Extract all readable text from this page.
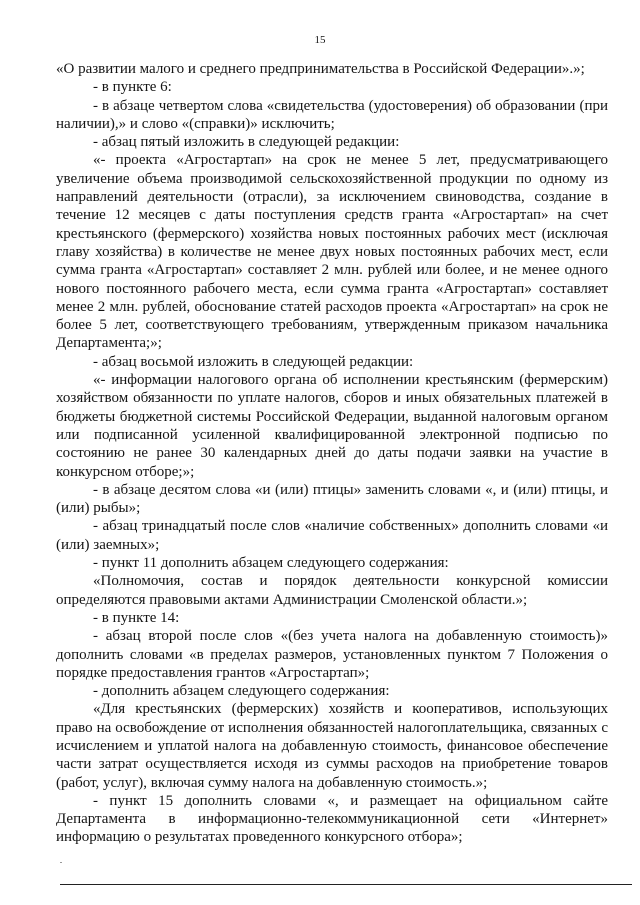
15

«О развитии малого и среднего предпринимательства в Российской Федерации».»;

- в пункте 6:

- в абзаце четвертом слова «свидетельства (удостоверения) об образовании (при наличии),» и слово «(справки)» исключить;

- абзац пятый изложить в следующей редакции:

«- проекта «Агростартап» на срок не менее 5 лет, предусматривающего увеличение объема производимой сельскохозяйственной продукции по одному из направлений деятельности (отрасли), за исключением свиноводства, создание в течение 12 месяцев с даты поступления средств гранта «Агростартап» на счет крестьянского (фермерского) хозяйства новых постоянных рабочих мест (исключая главу хозяйства) в количестве не менее двух новых постоянных рабочих мест, если сумма гранта «Агростартап» составляет 2 млн. рублей или более, и не менее одного нового постоянного рабочего места, если сумма гранта «Агростартап» составляет менее 2 млн. рублей, обоснование статей расходов проекта «Агростартап» на срок не более 5 лет, соответствующего требованиям, утвержденным приказом начальника Департамента;»;

- абзац восьмой изложить в следующей редакции:

«- информации налогового органа об исполнении крестьянским (фермерским) хозяйством обязанности по уплате налогов, сборов и иных обязательных платежей в бюджеты бюджетной системы Российской Федерации, выданной налоговым органом или подписанной усиленной квалифицированной электронной подписью по состоянию не ранее 30 календарных дней до даты подачи заявки на участие в конкурсном отборе;»;

- в абзаце десятом слова «и (или) птицы» заменить словами «, и (или) птицы, и (или) рыбы»;

- абзац тринадцатый после слов «наличие собственных» дополнить словами «и (или) заемных»;

- пункт 11 дополнить абзацем следующего содержания:

«Полномочия, состав и порядок деятельности конкурсной комиссии определяются правовыми актами Администрации Смоленской области.»;

- в пункте 14:

- абзац второй после слов «(без учета налога на добавленную стоимость)» дополнить словами «в пределах размеров, установленных пунктом 7 Положения о порядке предоставления грантов «Агростартап»;

- дополнить абзацем следующего содержания:

«Для крестьянских (фермерских) хозяйств и кооперативов, использующих право на освобождение от исполнения обязанностей налогоплательщика, связанных с исчислением и уплатой налога на добавленную стоимость, финансовое обеспечение части затрат осуществляется исходя из суммы расходов на приобретение товаров (работ, услуг), включая сумму налога на добавленную стоимость.»;

- пункт 15 дополнить словами «, и размещает на официальном сайте Департамента в информационно-телекоммуникационной сети «Интернет» информацию о результатах проведенного конкурсного отбора»;
